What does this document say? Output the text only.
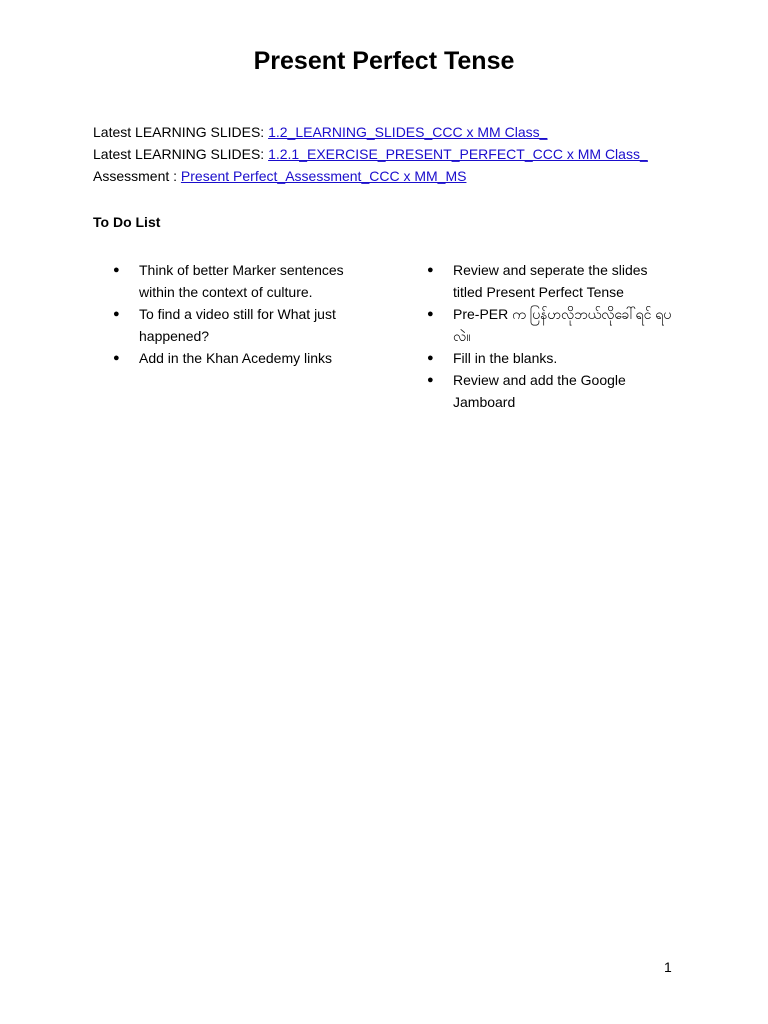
Present Perfect Tense
Latest LEARNING SLIDES: 1.2_LEARNING_SLIDES_CCC x MM Class_
Latest LEARNING SLIDES: 1.2.1_EXERCISE_PRESENT_PERFECT_CCC x MM Class_
Assessment : Present Perfect_Assessment_CCC x MM_MS
To Do List
● Think of better Marker sentences within the context of culture.
● To find a video still for What just happened?
● Add in the Khan Acedemy links
● Review and seperate the slides titled Present Perfect Tense
● Pre-PER က ပြန်ဟလိုဘယ်လိုခေါ်ရင် ရပလဲ။
● Fill in the blanks.
● Review and add the Google Jamboard
1
